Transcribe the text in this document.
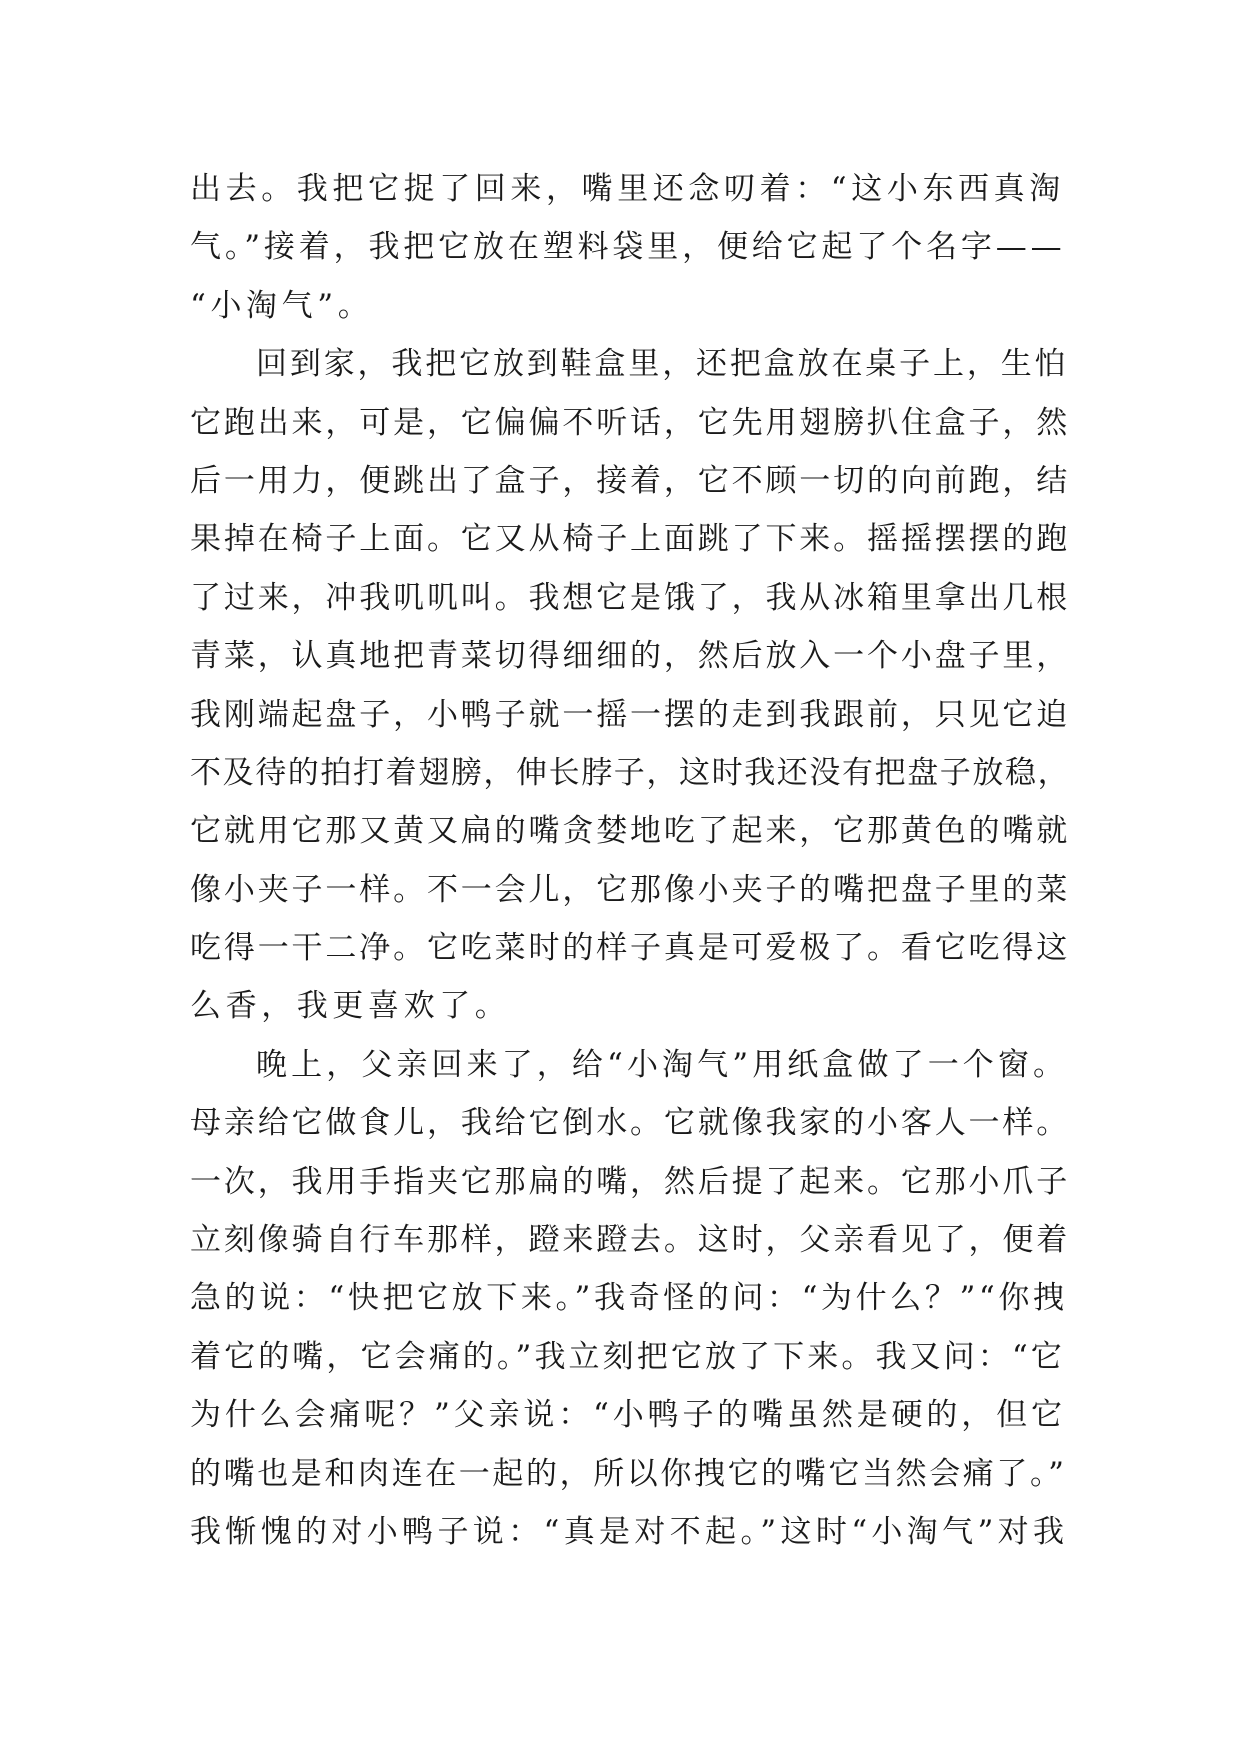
出去。我把它捉了回来，嘴里还念叨着：“这小东西真淘
气。”接着，我把它放在塑料袋里，便给它起了个名字——
“小淘气”。
回到家，我把它放到鞋盒里，还把盒放在桌子上，生怕
它跑出来，可是，它偏偏不听话，它先用翅膀扒住盒子，然
后一用力，便跳出了盒子，接着，它不顾一切的向前跑，结
果掉在椅子上面。它又从椅子上面跳了下来。摇摇摆摆的跑
了过来，冲我叽叽叫。我想它是饿了，我从冰箱里拿出几根
青菜，认真地把青菜切得细细的，然后放入一个小盘子里，
我刚端起盘子，小鸭子就一摇一摆的走到我跟前，只见它迫
不及待的拍打着翅膀，伸长脖子，这时我还没有把盘子放稳，
它就用它那又黄又扁的嘴贪婪地吃了起来，它那黄色的嘴就
像小夹子一样。不一会儿，它那像小夹子的嘴把盘子里的菜
吃得一干二净。它吃菜时的样子真是可爱极了。看它吃得这
么香，我更喜欢了。
晚上，父亲回来了，给“小淘气”用纸盒做了一个窗。
母亲给它做食儿，我给它倒水。它就像我家的小客人一样。
一次，我用手指夹它那扁的嘴，然后提了起来。它那小爪子
立刻像骑自行车那样，蹬来蹬去。这时，父亲看见了，便着
急的说：“快把它放下来。”我奇怪的问：“为什么？”“你拽
着它的嘴，它会痛的。”我立刻把它放了下来。我又问：“它
为什么会痛呢？”父亲说：“小鸭子的嘴虽然是硬的，但它
的嘴也是和肉连在一起的，所以你拽它的嘴它当然会痛了。”
我惭愧的对小鸭子说：“真是对不起。”这时“小淘气”对我
